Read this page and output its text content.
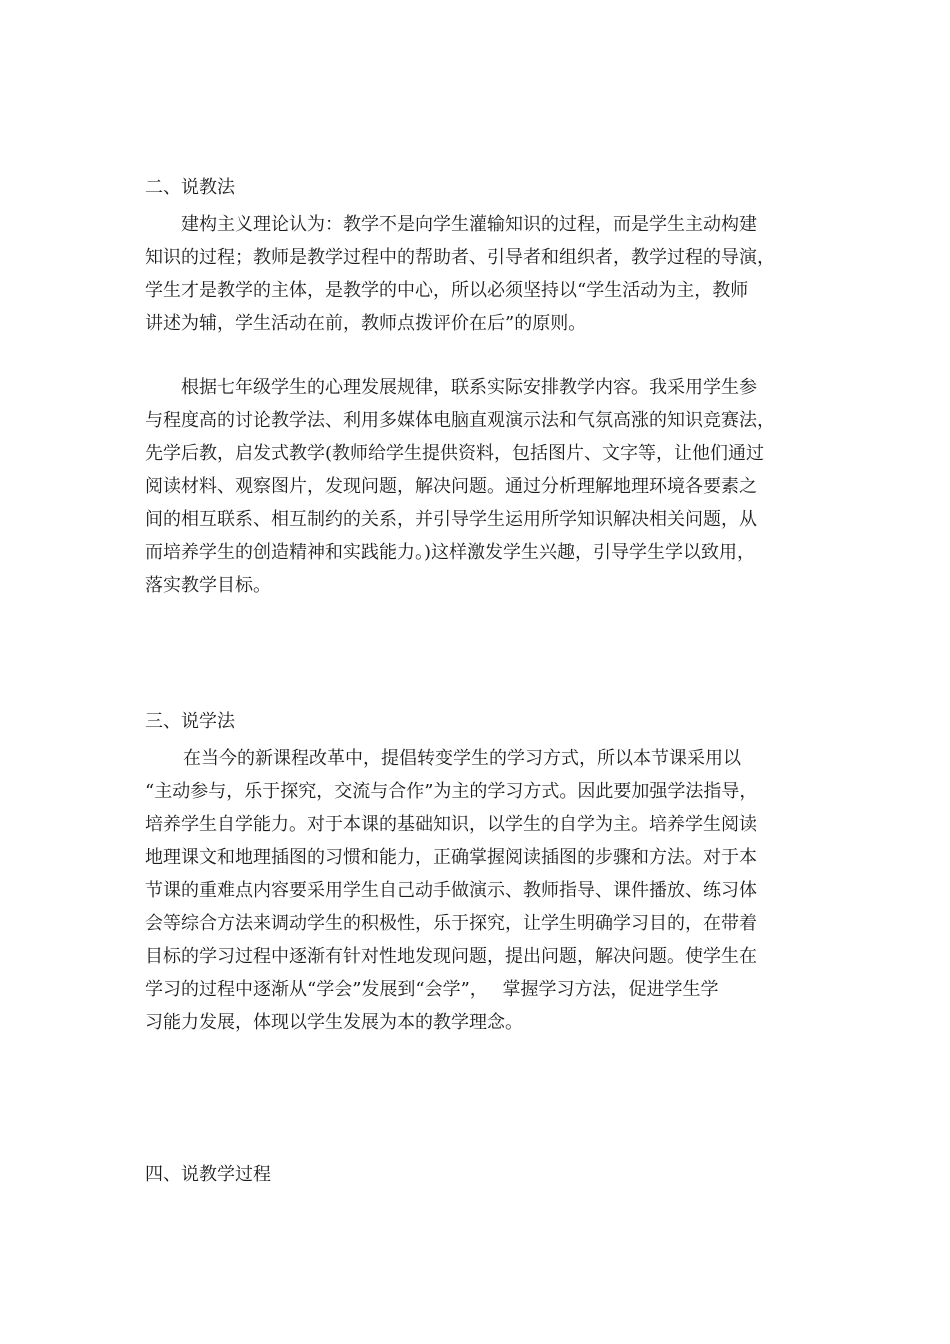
二、说教法
建构主义理论认为：教学不是向学生灌输知识的过程，而是学生主动构建
知识的过程；教师是教学过程中的帮助者、引导者和组织者，教学过程的导演，
学生才是教学的主体，是教学的中心，所以必须坚持以“学生活动为主，教师
讲述为辅，学生活动在前，教师点拨评价在后”的原则。
根据七年级学生的心理发展规律，联系实际安排教学内容。我采用学生参
与程度高的讨论教学法、利用多媒体电脑直观演示法和气氛高涨的知识竞赛法，
先学后教，启发式教学(教师给学生提供资料，包括图片、文字等，让他们通过
阅读材料、观察图片，发现问题，解决问题。通过分析理解地理环境各要素之
间的相互联系、相互制约的关系，并引导学生运用所学知识解决相关问题，从
而培养学生的创造精神和实践能力。)这样激发学生兴趣，引导学生学以致用，
落实教学目标。
三、说学法
在当今的新课程改革中，提倡转变学生的学习方式，所以本节课采用以
“主动参与，乐于探究，交流与合作”为主的学习方式。因此要加强学法指导，
培养学生自学能力。对于本课的基础知识，以学生的自学为主。培养学生阅读
地理课文和地理插图的习惯和能力，正确掌握阅读插图的步骤和方法。对于本
节课的重难点内容要采用学生自己动手做演示、教师指导、课件播放、练习体
会等综合方法来调动学生的积极性，乐于探究，让学生明确学习目的，在带着
目标的学习过程中逐渐有针对性地发现问题，提出问题，解决问题。使学生在
学习的过程中逐渐从“学会”发展到“会学”，　 掌握学习方法，促进学生学
习能力发展，体现以学生发展为本的教学理念。
四、说教学过程
